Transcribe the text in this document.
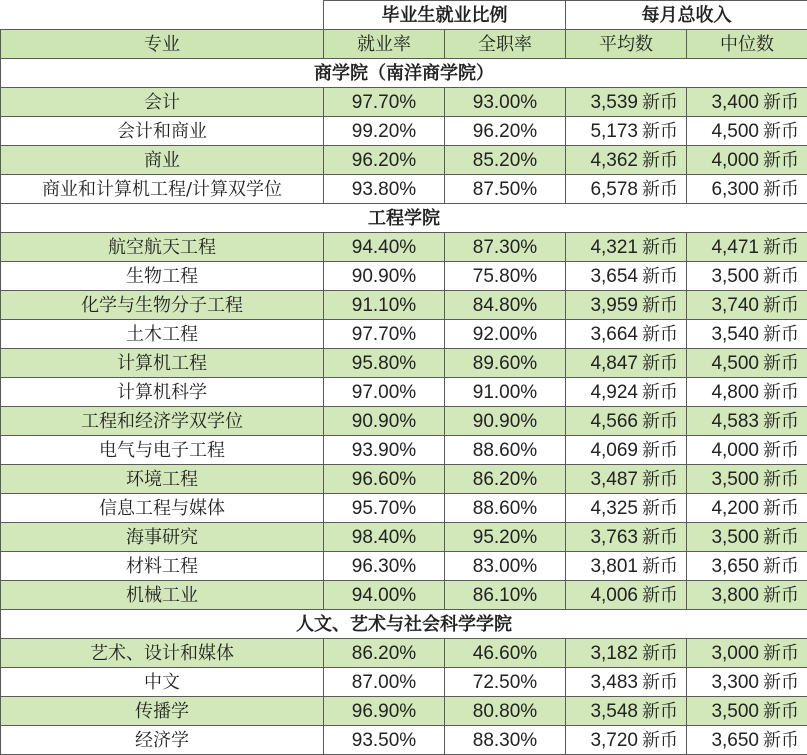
	毕业生就业比例		每月总收入	
专业	就业率	全职率	平均数	中位数
商学院（南洋商学院）				
会计	97.70%	93.00%	3,539 新币	3,400 新币
会计和商业	99.20%	96.20%	5,173 新币	4,500 新币
商业	96.20%	85.20%	4,362 新币	4,000 新币
商业和计算机工程/计算双学位	93.80%	87.50%	6,578 新币	6,300 新币
工程学院				
航空航天工程	94.40%	87.30%	4,321 新币	4,471 新币
生物工程	90.90%	75.80%	3,654 新币	3,500 新币
化学与生物分子工程	91.10%	84.80%	3,959 新币	3,740 新币
土木工程	97.70%	92.00%	3,664 新币	3,540 新币
计算机工程	95.80%	89.60%	4,847 新币	4,500 新币
计算机科学	97.00%	91.00%	4,924 新币	4,800 新币
工程和经济学双学位	90.90%	90.90%	4,566 新币	4,583 新币
电气与电子工程	93.90%	88.60%	4,069 新币	4,000 新币
环境工程	96.60%	86.20%	3,487 新币	3,500 新币
信息工程与媒体	95.70%	88.60%	4,325 新币	4,200 新币
海事研究	98.40%	95.20%	3,763 新币	3,500 新币
材料工程	96.30%	83.00%	3,801 新币	3,650 新币
机械工业	94.00%	86.10%	4,006 新币	3,800 新币
人文、艺术与社会科学学院				
艺术、设计和媒体	86.20%	46.60%	3,182 新币	3,000 新币
中文	87.00%	72.50%	3,483 新币	3,300 新币
传播学	96.90%	80.80%	3,548 新币	3,500 新币
经济学	93.50%	88.30%	3,720 新币	3,650 新币
